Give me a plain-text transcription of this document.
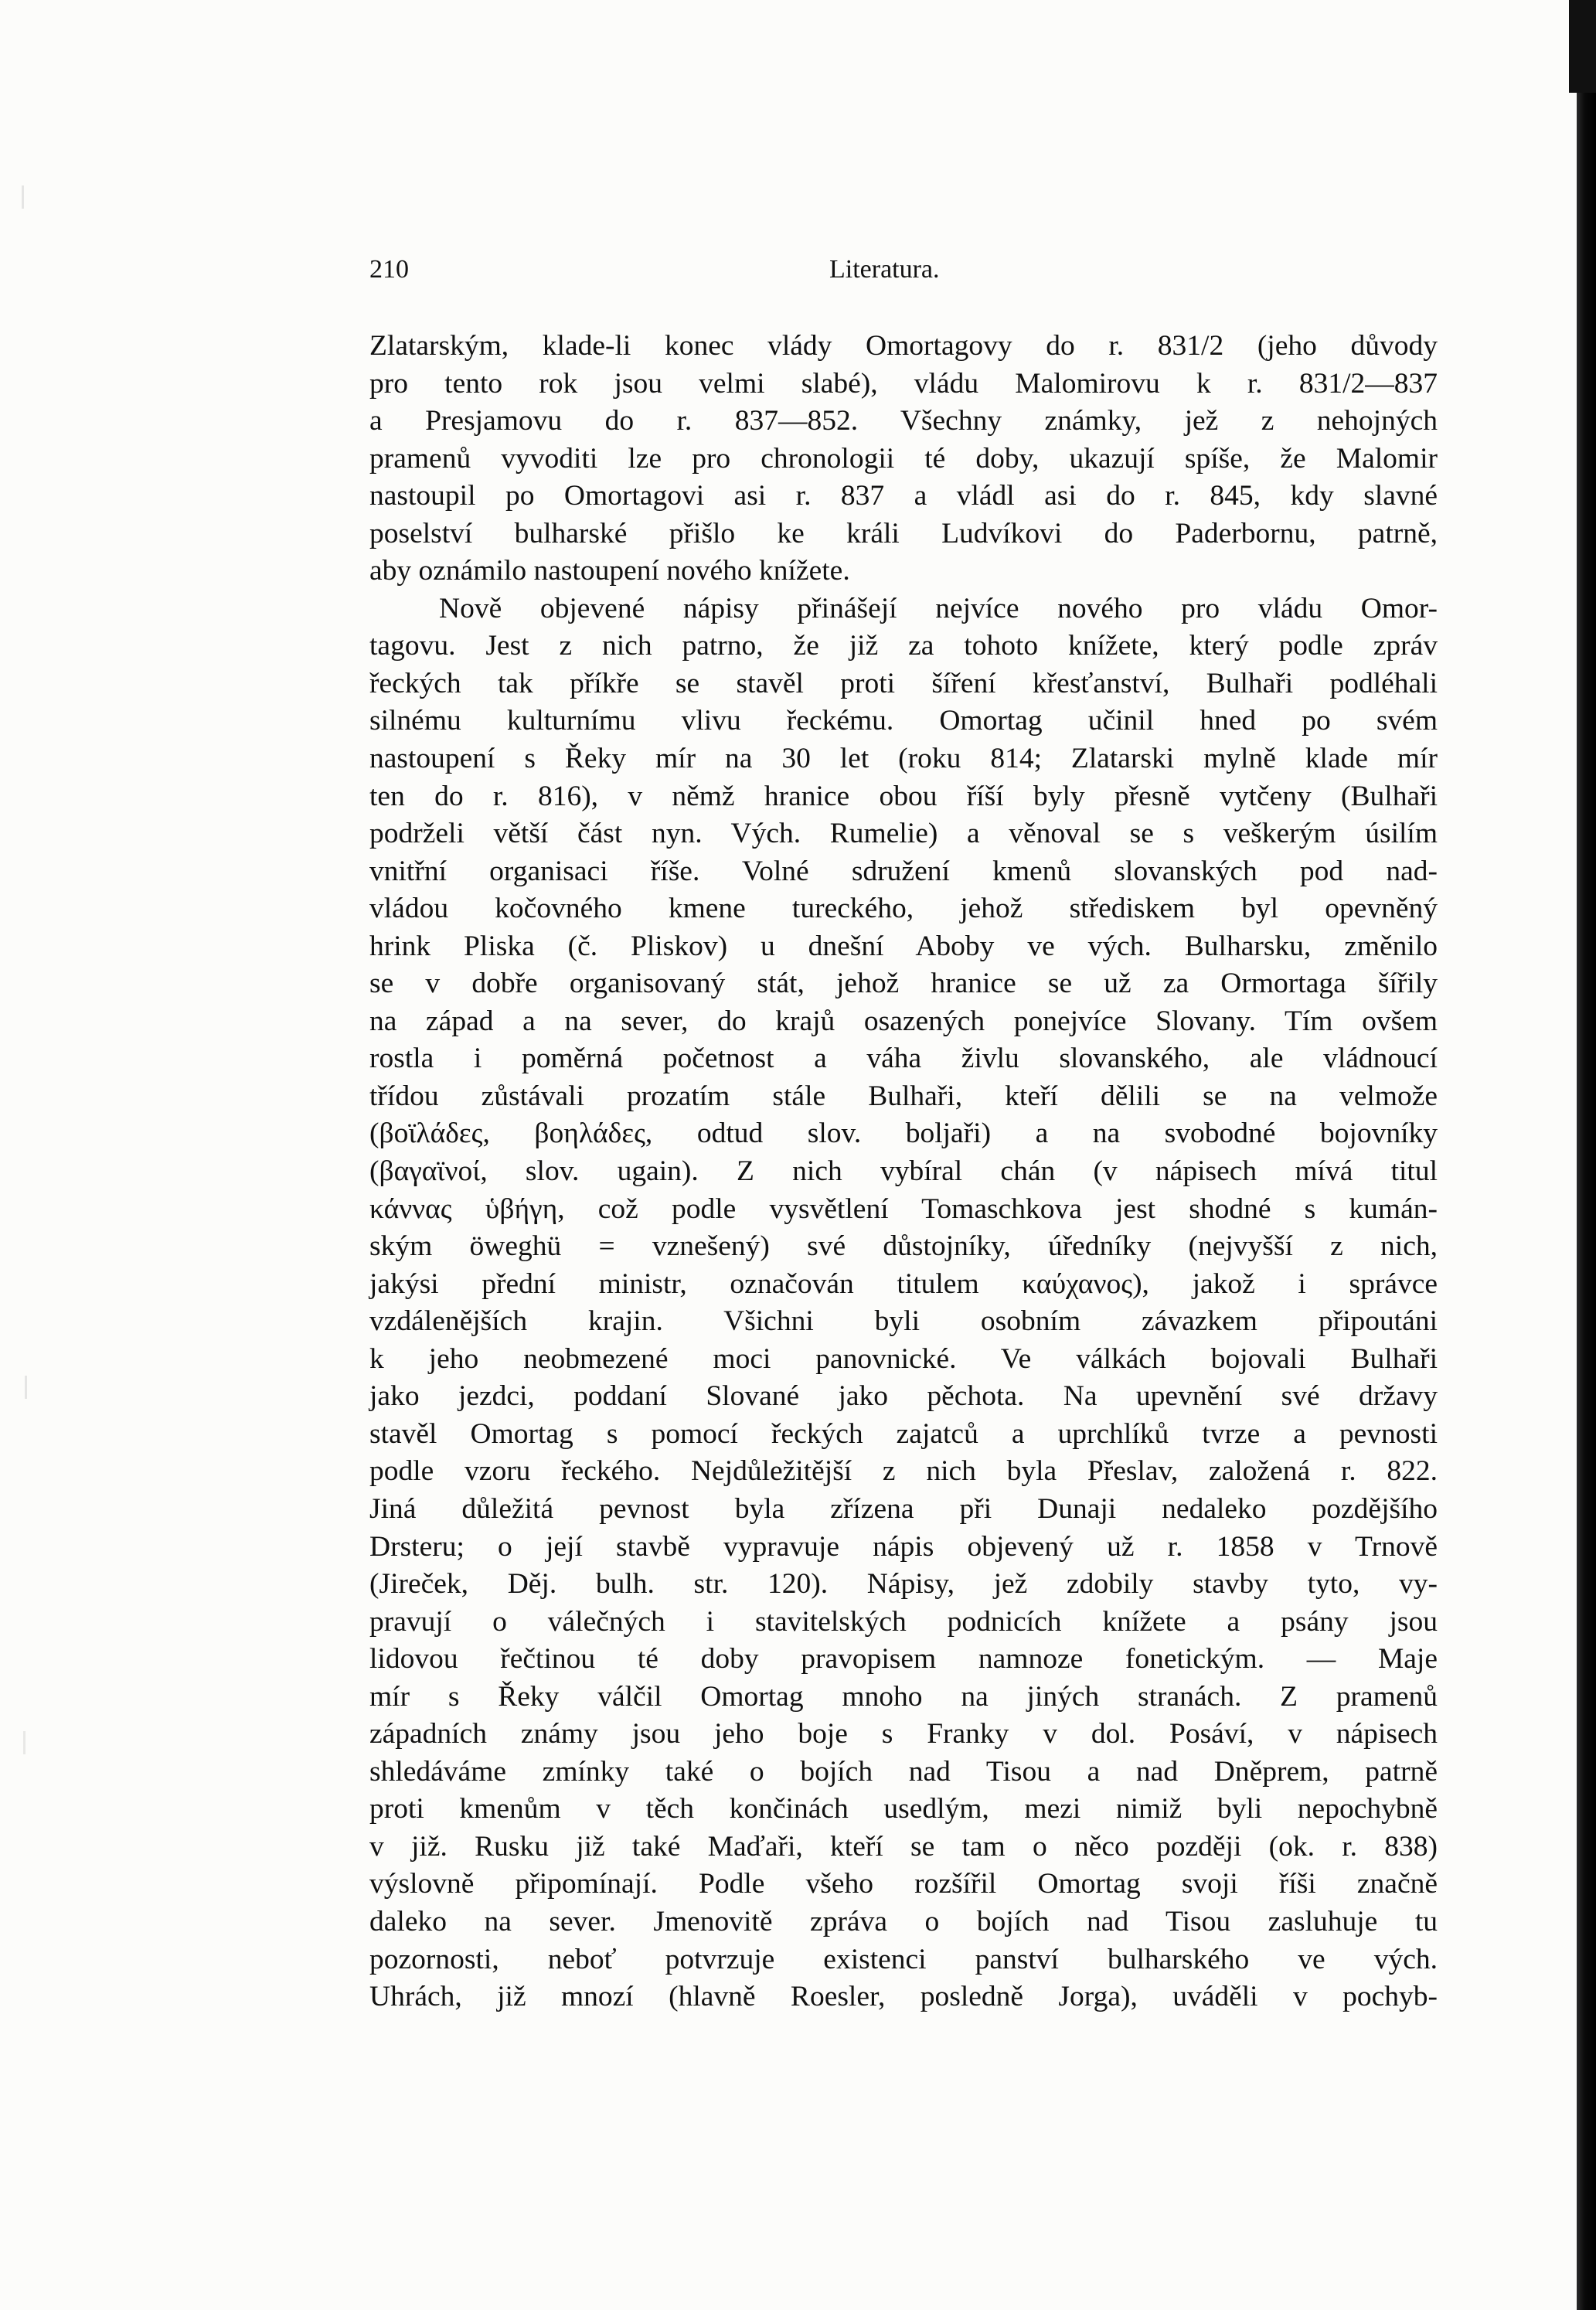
210	Literatura.
Zlatarským, klade-li konec vlády Omortagovy do r. 831/2 (jeho důvody
pro tento rok jsou velmi slabé), vládu Malomirovu k r. 831/2—837
a Presjamovu do r. 837—852. Všechny známky, jež z nehojných
pramenů vyvoditi lze pro chronologii té doby, ukazují spíše, že Malomir
nastoupil po Omortagovi asi r. 837 a vládl asi do r. 845, kdy slavné
poselství bulharské přišlo ke králi Ludvíkovi do Paderbornu, patrně,
aby oznámilo nastoupení nového knížete.
Nově objevené nápisy přinášejí nejvíce nového pro vládu Omor-
tagovu. Jest z nich patrno, že již za tohoto knížete, který podle zpráv
řeckých tak příkře se stavěl proti šíření křesťanství, Bulhaři podléhali
silnému kulturnímu vlivu řeckému. Omortag učinil hned po svém
nastoupení s Řeky mír na 30 let (roku 814; Zlatarski mylně klade mír
ten do r. 816), v němž hranice obou říší byly přesně vytčeny (Bulhaři
podrželi větší část nyn. Vých. Rumelie) a věnoval se s veškerým úsilím
vnitřní organisaci říše. Volné sdružení kmenů slovanských pod nad-
vládou kočovného kmene tureckého, jehož střediskem byl opevněný
hrink Pliska (č. Pliskov) u dnešní Aboby ve vých. Bulharsku, změnilo
se v dobře organisovaný stát, jehož hranice se už za Ormortaga šířily
na západ a na sever, do krajů osazených ponejvíce Slovany. Tím ovšem
rostla i poměrná početnost a váha živlu slovanského, ale vládnoucí
třídou zůstávali prozatím stále Bulhaři, kteří dělili se na velmože
(βoϊλάδες, βοηλάδες, odtud slov. boljaři) a na svobodné bojovníky
(βαγαϊνοί, slov. ugain). Z nich vybíral chán (v nápisech mívá titul
κάννας ὑβήγη, což podle vysvětlení Tomaschkova jest shodné s kumán-
ským öweghü = vznešený) své důstojníky, úředníky (nejvyšší z nich,
jakýsi přední ministr, označován titulem καύχανος), jakož i správce
vzdálenějších krajin. Všichni byli osobním závazkem připoutáni
k jeho neobmezené moci panovnické. Ve válkách bojovali Bulhaři
jako jezdci, poddaní Slované jako pěchota. Na upevnění své državy
stavěl Omortag s pomocí řeckých zajatců a uprchlíků tvrze a pevnosti
podle vzoru řeckého. Nejdůležitější z nich byla Přeslav, založená r. 822.
Jiná důležitá pevnost byla zřízena při Dunaji nedaleko pozdějšího
Drsteru; o její stavbě vypravuje nápis objevený už r. 1858 v Trnově
(Jireček, Děj. bulh. str. 120). Nápisy, jež zdobily stavby tyto, vy-
pravují o válečných i stavitelských podnicích knížete a psány jsou
lidovou řečtinou té doby pravopisem namnoze fonetickým. — Maje
mír s Řeky válčil Omortag mnoho na jiných stranách. Z pramenů
západních známy jsou jeho boje s Franky v dol. Posáví, v nápisech
shledáváme zmínky také o bojích nad Tisou a nad Dněprem, patrně
proti kmenům v těch končinách usedlým, mezi nimiž byli nepochybně
v již. Rusku již také Maďaři, kteří se tam o něco později (ok. r. 838)
výslovně připomínají. Podle všeho rozšířil Omortag svoji říši značně
daleko na sever. Jmenovitě zpráva o bojích nad Tisou zasluhuje tu
pozornosti, neboť potvrzuje existenci panství bulharského ve vých.
Uhrách, již mnozí (hlavně Roesler, posledně Jorga), uváděli v pochyb-
